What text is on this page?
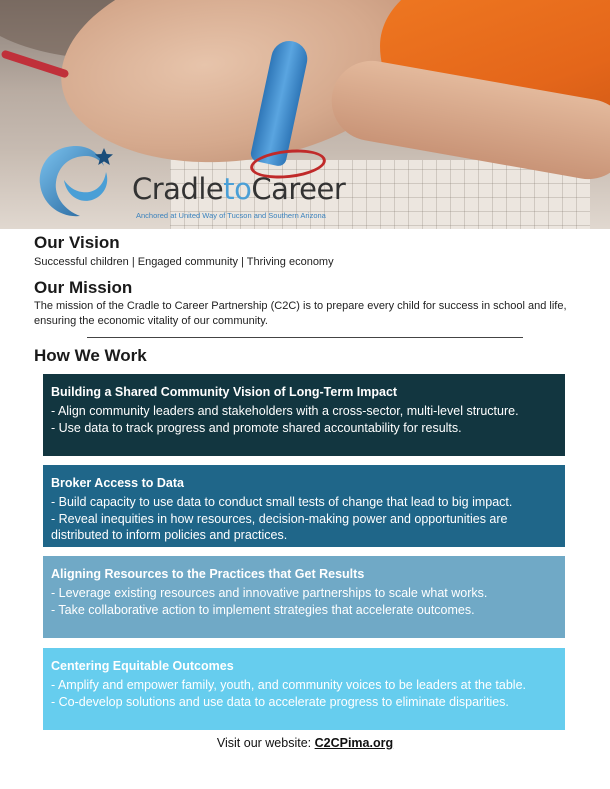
CradletoCareer
Anchored at United Way of Tucson and Southern Arizona
Our Vision
Successful children | Engaged community | Thriving economy
Our Mission
The mission of the Cradle to Career Partnership (C2C) is to prepare every child for success in school and life, ensuring the economic vitality of our community.
How We Work
Building a Shared Community Vision of Long-Term Impact
- Align community leaders and stakeholders with a cross-sector, multi-level structure.
- Use data to track progress and promote shared accountability for results.
Broker Access to Data
- Build capacity to use data to conduct small tests of change that lead to big impact.
- Reveal inequities in how resources, decision-making power and opportunities are distributed to inform policies and practices.
Aligning Resources to the Practices that Get Results
- Leverage existing resources and innovative partnerships to scale what works.
- Take collaborative action to implement strategies that accelerate outcomes.
Centering Equitable Outcomes
- Amplify and empower family, youth, and community voices to be leaders at the table.
- Co-develop solutions and use data to accelerate progress to eliminate disparities.
Visit our website: C2CPima.org
